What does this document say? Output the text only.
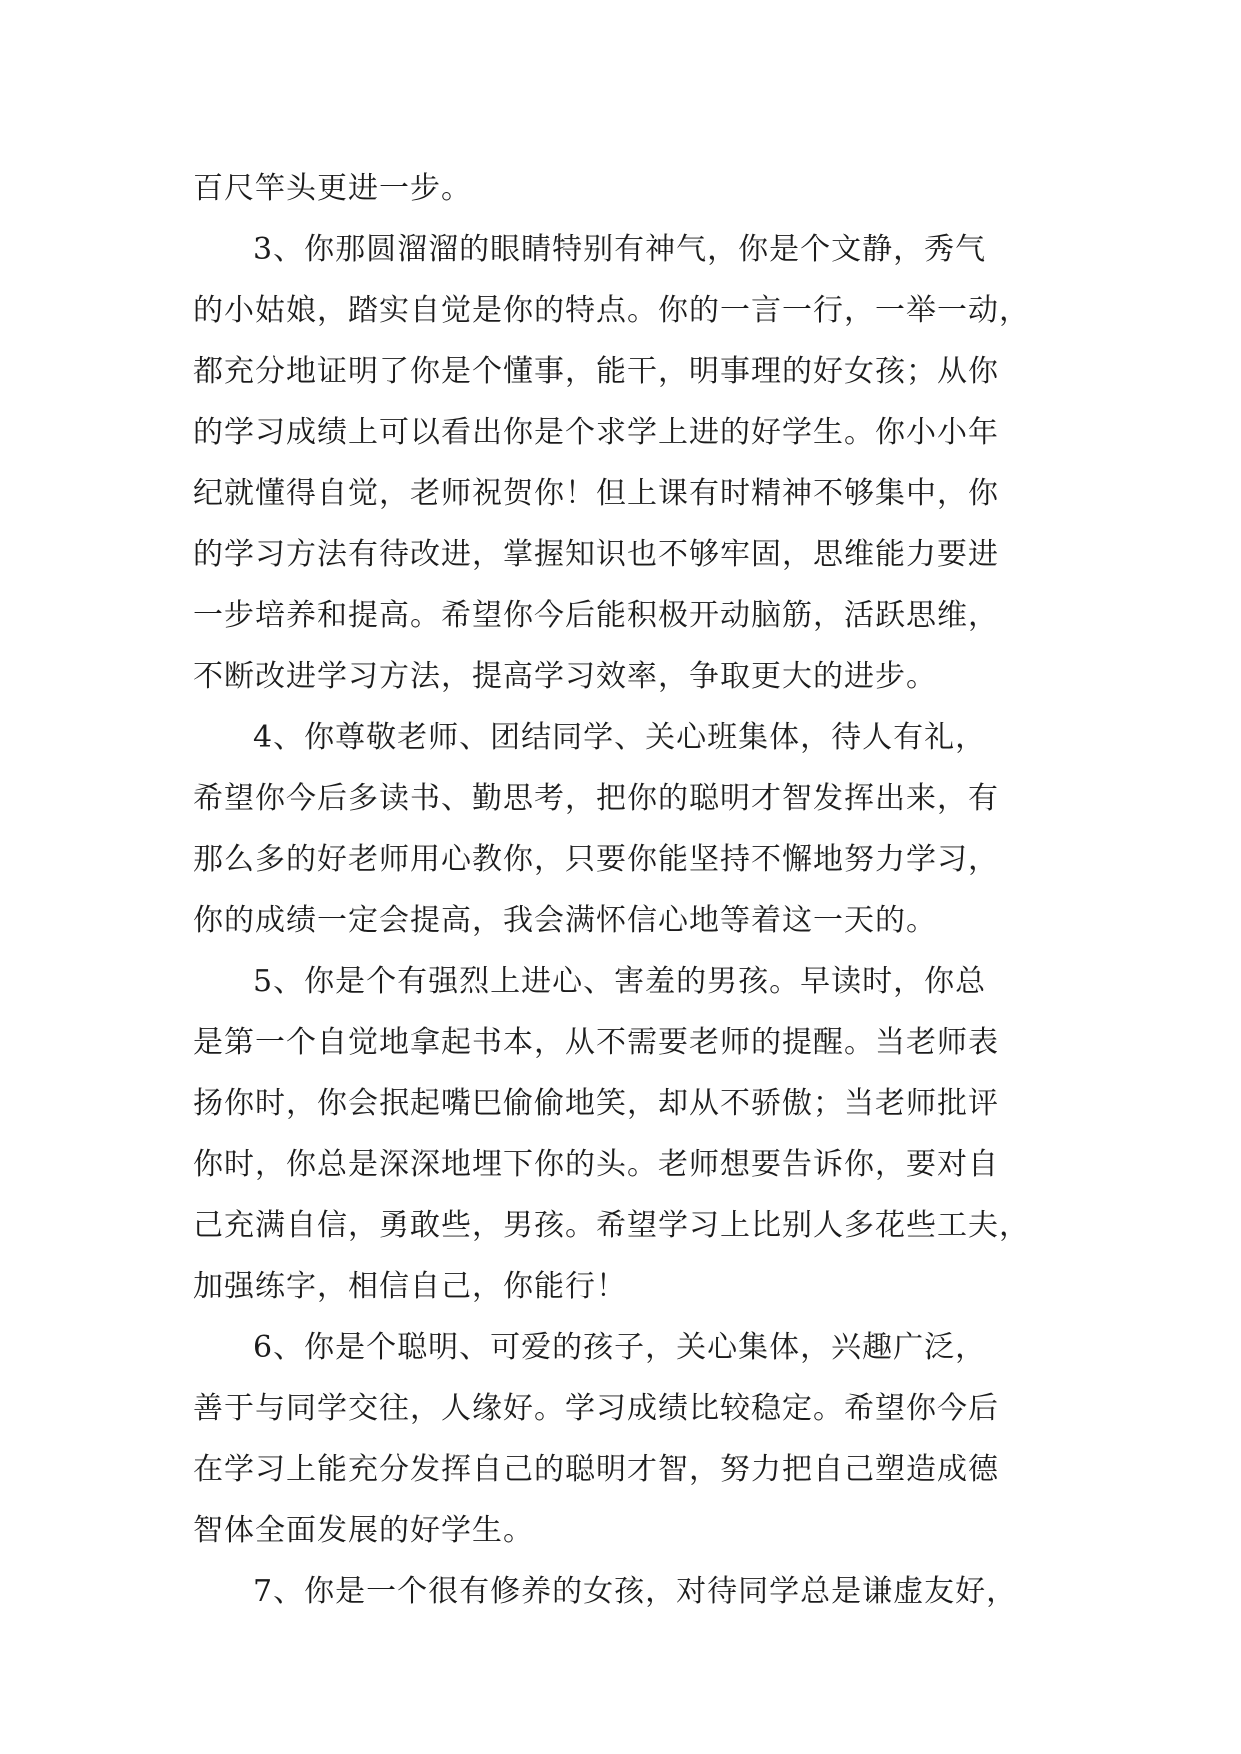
百尺竿头更进一步。

3、你那圆溜溜的眼睛特别有神气，你是个文静，秀气
的小姑娘，踏实自觉是你的特点。你的一言一行，一举一动，
都充分地证明了你是个懂事，能干，明事理的好女孩；从你
的学习成绩上可以看出你是个求学上进的好学生。你小小年
纪就懂得自觉，老师祝贺你！但上课有时精神不够集中，你
的学习方法有待改进，掌握知识也不够牢固，思维能力要进
一步培养和提高。希望你今后能积极开动脑筋，活跃思维，
不断改进学习方法，提高学习效率，争取更大的进步。

4、你尊敬老师、团结同学、关心班集体，待人有礼，
希望你今后多读书、勤思考，把你的聪明才智发挥出来，有
那么多的好老师用心教你，只要你能坚持不懈地努力学习，
你的成绩一定会提高，我会满怀信心地等着这一天的。

5、你是个有强烈上进心、害羞的男孩。早读时，你总
是第一个自觉地拿起书本，从不需要老师的提醒。当老师表
扬你时，你会抿起嘴巴偷偷地笑，却从不骄傲；当老师批评
你时，你总是深深地埋下你的头。老师想要告诉你，要对自
己充满自信，勇敢些，男孩。希望学习上比别人多花些工夫，
加强练字，相信自己，你能行！

6、你是个聪明、可爱的孩子，关心集体，兴趣广泛，
善于与同学交往，人缘好。学习成绩比较稳定。希望你今后
在学习上能充分发挥自己的聪明才智，努力把自己塑造成德
智体全面发展的好学生。

7、你是一个很有修养的女孩，对待同学总是谦虚友好，
